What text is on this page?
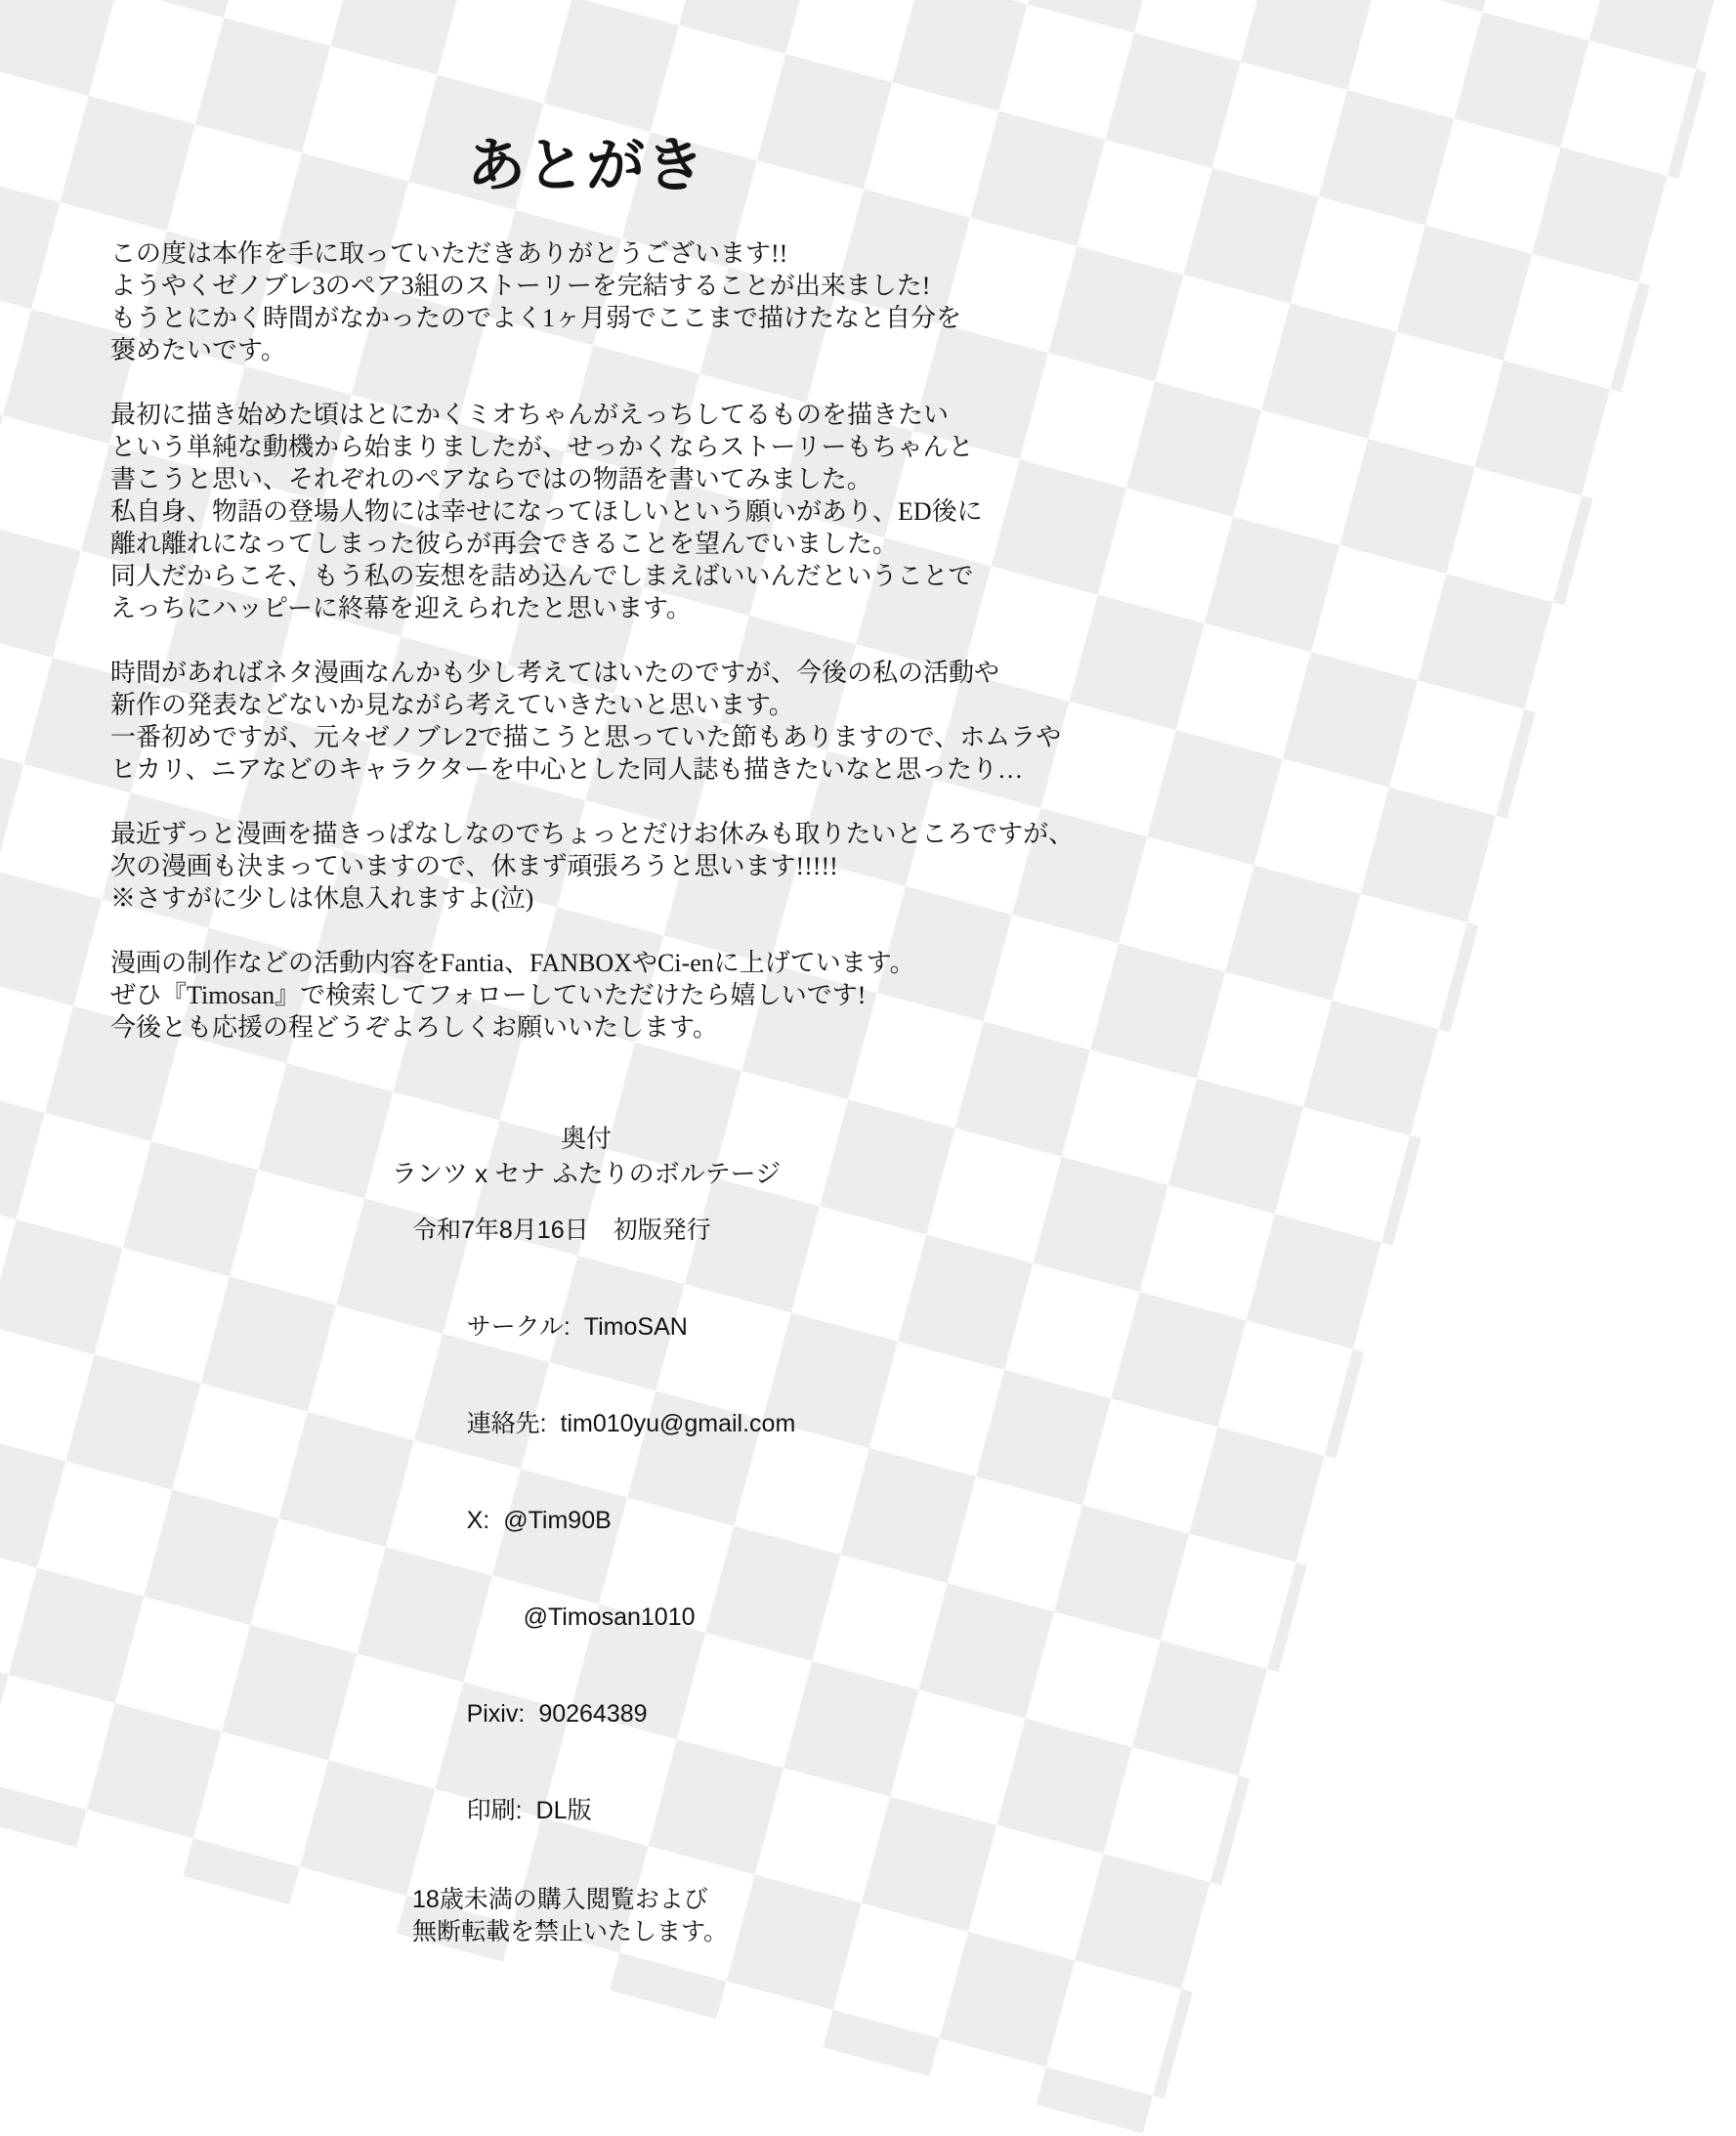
あとがき

この度は本作を手に取っていただきありがとうございます!!
ようやくゼノブレ3のペア3組のストーリーを完結することが出来ました!
もうとにかく時間がなかったのでよく1ヶ月弱でここまで描けたなと自分を
褒めたいです。

最初に描き始めた頃はとにかくミオちゃんがえっちしてるものを描きたい
という単純な動機から始まりましたが、せっかくならストーリーもちゃんと
書こうと思い、それぞれのペアならではの物語を書いてみました。
私自身、物語の登場人物には幸せになってほしいという願いがあり、ED後に
離れ離れになってしまった彼らが再会できることを望んでいました。
同人だからこそ、もう私の妄想を詰め込んでしまえばいいんだということで
えっちにハッピーに終幕を迎えられたと思います。

時間があればネタ漫画なんかも少し考えてはいたのですが、今後の私の活動や
新作の発表などないか見ながら考えていきたいと思います。
一番初めですが、元々ゼノブレ2で描こうと思っていた節もありますので、ホムラや
ヒカリ、ニアなどのキャラクターを中心とした同人誌も描きたいなと思ったり…

最近ずっと漫画を描きっぱなしなのでちょっとだけお休みも取りたいところですが、
次の漫画も決まっていますので、休まず頑張ろうと思います!!!!!
※さすがに少しは休息入れますよ(泣)

漫画の制作などの活動内容をFantia、FANBOXやCi-enに上げています。
ぜひ『Timosan』で検索してフォローしていただけたら嬉しいです!
今後とも応援の程どうぞよろしくお願いいたします。

奥付
ランツ x セナ ふたりのボルテージ
令和7年8月16日　初版発行

サークル: TimoSAN

連絡先: tim010yu@gmail.com

X: @Tim90B

@Timosan1010

Pixiv: 90264389

印刷: DL版

18歳未満の購入閲覧および
無断転載を禁止いたします。
